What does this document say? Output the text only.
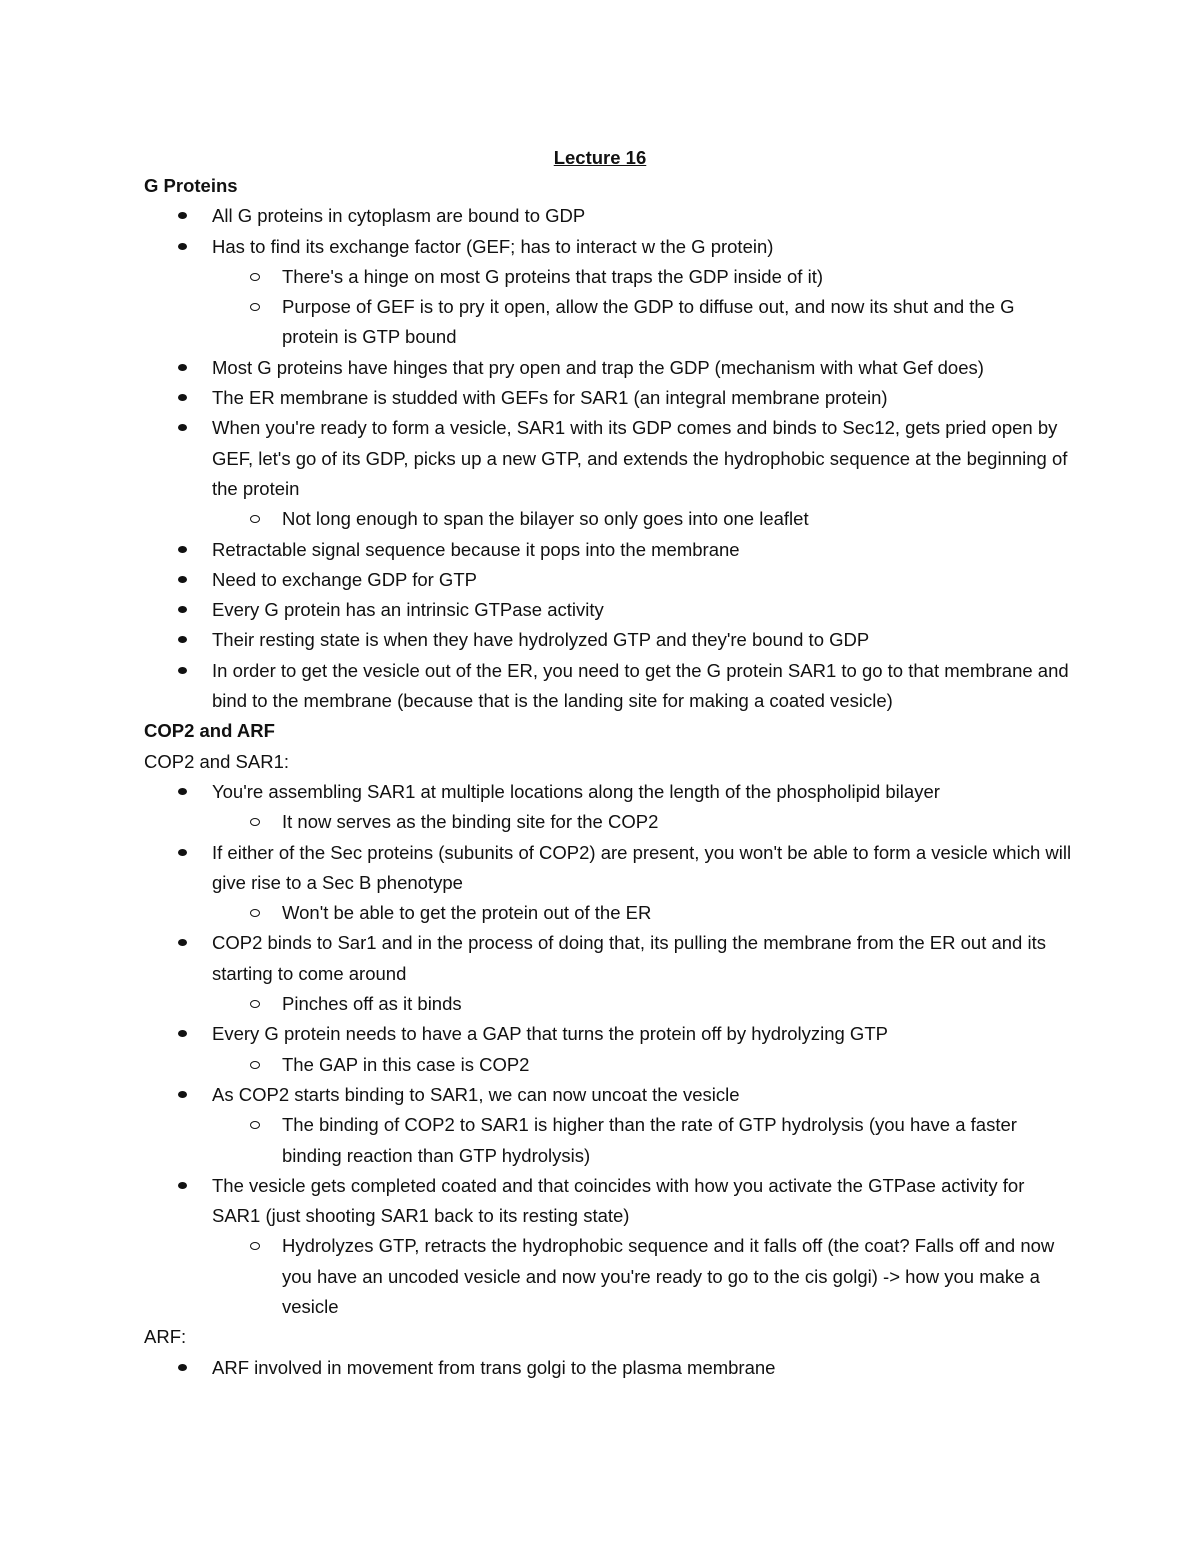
Lecture 16
G Proteins
All G proteins in cytoplasm are bound to GDP
Has to find its exchange factor (GEF; has to interact w the G protein)
There's a hinge on most G proteins that traps the GDP inside of it)
Purpose of GEF is to pry it open, allow the GDP to diffuse out, and now its shut and the G protein is GTP bound
Most G proteins have hinges that pry open and trap the GDP (mechanism with what Gef does)
The ER membrane is studded with GEFs for SAR1 (an integral membrane protein)
When you're ready to form a vesicle, SAR1 with its GDP comes and binds to Sec12, gets pried open by GEF, let's go of its GDP, picks up a new GTP, and extends the hydrophobic sequence at the beginning of the protein
Not long enough to span the bilayer so only goes into one leaflet
Retractable signal sequence because it pops into the membrane
Need to exchange GDP for GTP
Every G protein has an intrinsic GTPase activity
Their resting state is when they have hydrolyzed GTP and they're bound to GDP
In order to get the vesicle out of the ER, you need to get the G protein SAR1 to go to that membrane and bind to the membrane (because that is the landing site for making a coated vesicle)
COP2 and ARF
COP2 and SAR1:
You're assembling SAR1 at multiple locations along the length of the phospholipid bilayer
It now serves as the binding site for the COP2
If either of the Sec proteins (subunits of COP2) are present, you won't be able to form a vesicle which will give rise to a Sec B phenotype
Won't be able to get the protein out of the ER
COP2 binds to Sar1 and in the process of doing that, its pulling the membrane from the ER out and its starting to come around
Pinches off as it binds
Every G protein needs to have a GAP that turns the protein off by hydrolyzing GTP
The GAP in this case is COP2
As COP2 starts binding to SAR1, we can now uncoat the vesicle
The binding of COP2 to SAR1 is higher than the rate of GTP hydrolysis (you have a faster binding reaction than GTP hydrolysis)
The vesicle gets completed coated and that coincides with how you activate the GTPase activity for SAR1 (just shooting SAR1 back to its resting state)
Hydrolyzes GTP, retracts the hydrophobic sequence and it falls off (the coat? Falls off and now you have an uncoded vesicle and now you're ready to go to the cis golgi) -> how you make a vesicle
ARF:
ARF involved in movement from trans golgi to the plasma membrane
